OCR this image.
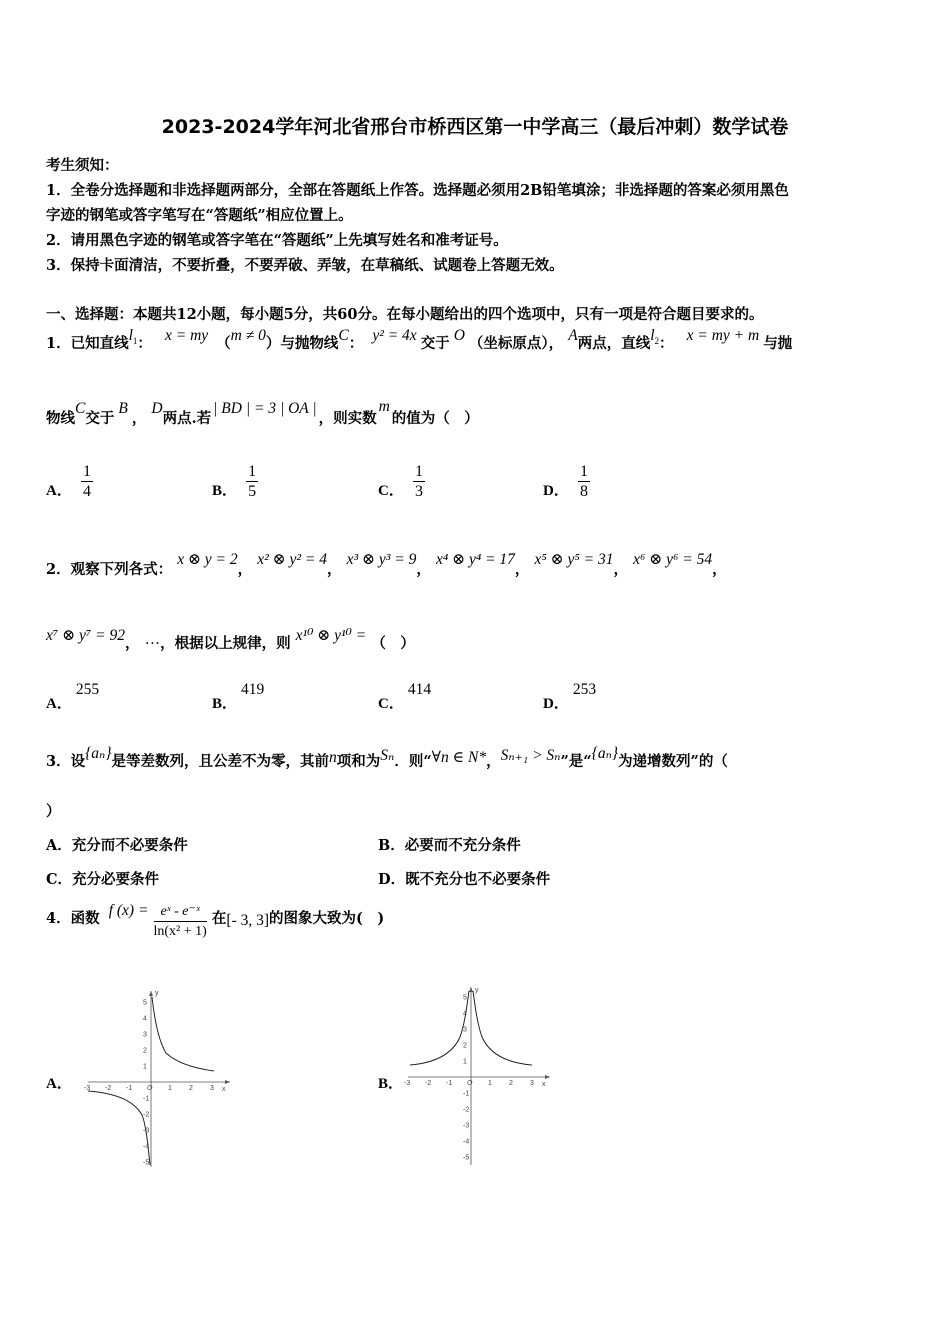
2023-2024学年河北省邢台市桥西区第一中学高三（最后冲刺）数学试卷
考生须知：
1．全卷分选择题和非选择题两部分，全部在答题纸上作答。选择题必须用2B铅笔填涂；非选择题的答案必须用黑色
字迹的钢笔或答字笔写在“答题纸”相应位置上。
2．请用黑色字迹的钢笔或答字笔在“答题纸”上先填写姓名和准考证号。
3．保持卡面清洁，不要折叠，不要弄破、弄皱，在草稿纸、试题卷上答题无效。
一、选择题：本题共12小题，每小题5分，共60分。在每小题给出的四个选项中，只有一项是符合题目要求的。
1．已知直线$l_1$： x = my （m ≠ 0）与抛物线C： y² = 4x 交于 O （坐标原点）， A两点，直线$l_2$： x = my + m 与抛
物线C交于B， D两点.若| BD | = 3 | OA |，则实数m的值为（　）
A． $\frac{1}{4}$	B． $\frac{1}{5}$	C． $\frac{1}{3}$	D． $\frac{1}{8}$
2．观察下列各式： x ⊗ y = 2， x² ⊗ y² = 4， x³ ⊗ y³ = 9， x⁴ ⊗ y⁴ = 17， x⁵ ⊗ y⁵ = 31， x⁶ ⊗ y⁶ = 54，
x⁷ ⊗ y⁷ = 92， …，根据以上规律，则 x¹⁰ ⊗ y¹⁰ = （　）
A．255
B．419
C．414
D．253
3．设{aₙ}是等差数列，且公差不为零，其前n项和为Sₙ．则“∀n ∈ N*，Sₙ₊₁ > Sₙ”是“{aₙ}为递增数列”的（
）
A．充分而不必要条件	B．必要而不充分条件
C．充分必要条件	D．既不充分也不必要条件
4．函数 f $(x) = \frac{\text{eˣ - e⁻ˣ}}{\text{ln(x² + 1)}}$ 在[- 3, 3]的图象大致为(　)
A．	B．
y
x
-3 -2 -1 O 1 2 3
5
4
3
2
1
-1
-2
-3
-4
-5
y
x
-3 -2 -1 O 1 2 3
5
4
3
2
1
-1
-2
-3
-4
-5
